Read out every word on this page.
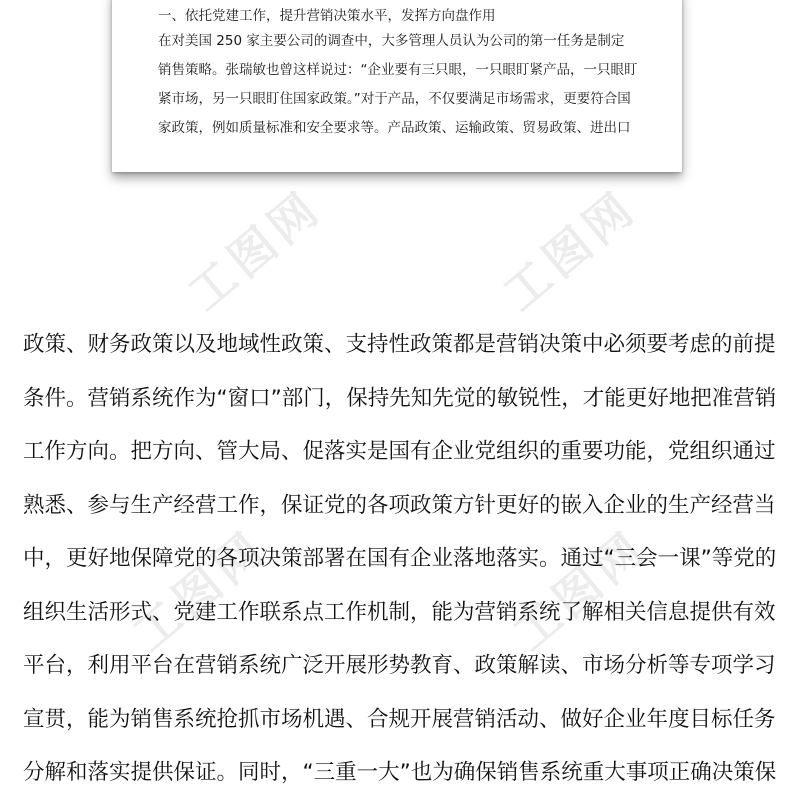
工图网	工图网
工图网	工图网
一、依托党建工作，提升营销决策水平，发挥方向盘作用
在对美国 250 家主要公司的调查中，大多管理人员认为公司的第一任务是制定
销售策略。张瑞敏也曾这样说过：“企业要有三只眼，一只眼盯紧产品，一只眼盯
紧市场，另一只眼盯住国家政策。”对于产品，不仅要满足市场需求，更要符合国
家政策，例如质量标准和安全要求等。产品政策、运输政策、贸易政策、进出口
政策、财务政策以及地域性政策、支持性政策都是营销决策中必须要考虑的前提
条件。营销系统作为“窗口”部门，保持先知先觉的敏锐性，才能更好地把准营销
工作方向。把方向、管大局、促落实是国有企业党组织的重要功能，党组织通过
熟悉、参与生产经营工作，保证党的各项政策方针更好的嵌入企业的生产经营当
中，更好地保障党的各项决策部署在国有企业落地落实。通过“三会一课”等党的
组织生活形式、党建工作联系点工作机制，能为营销系统了解相关信息提供有效
平台，利用平台在营销系统广泛开展形势教育、政策解读、市场分析等专项学习
宣贯，能为销售系统抢抓市场机遇、合规开展营销活动、做好企业年度目标任务
分解和落实提供保证。同时，“三重一大”也为确保销售系统重大事项正确决策保
